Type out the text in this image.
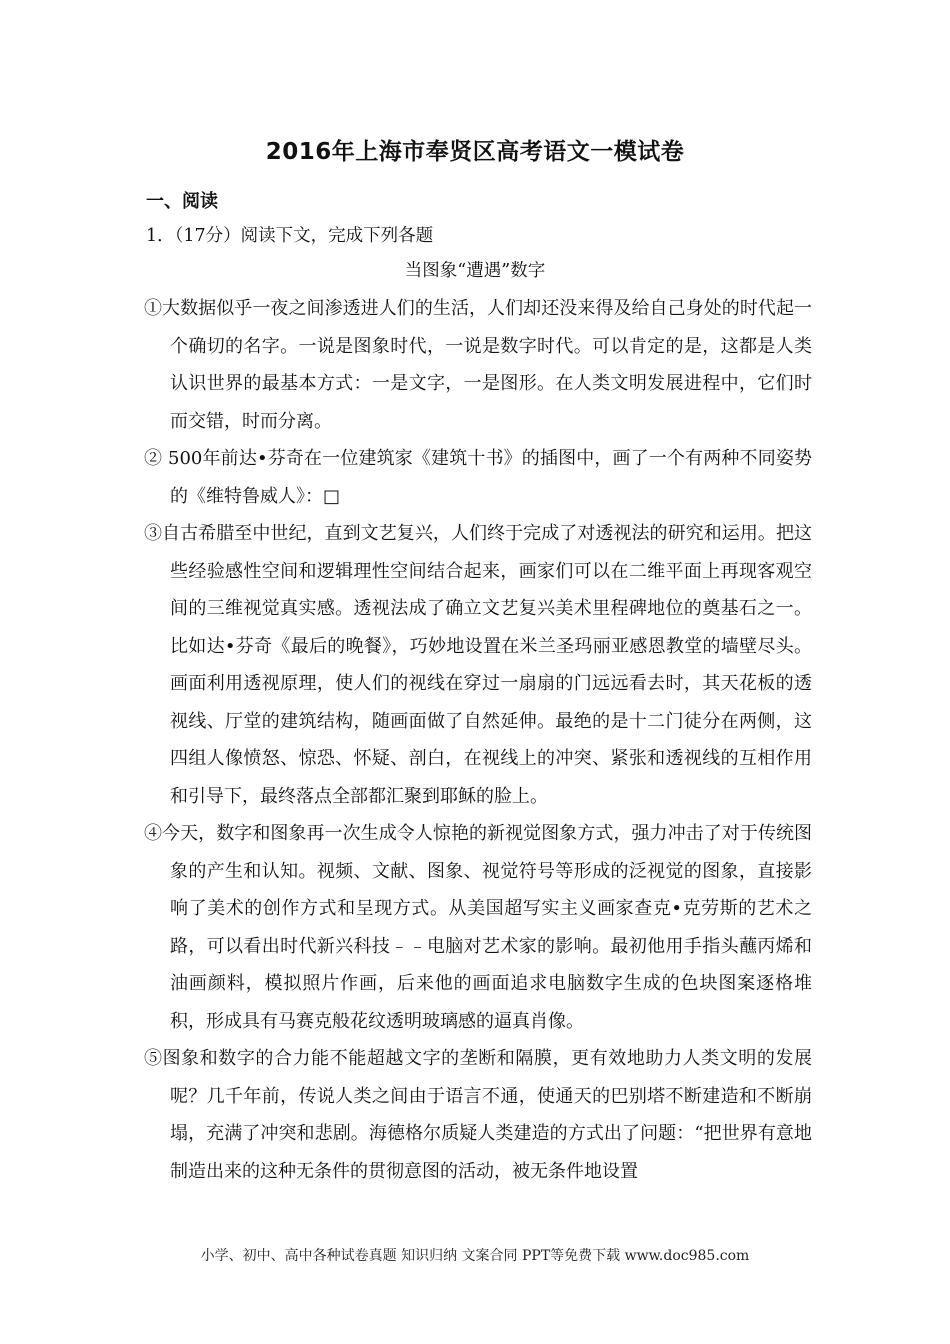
2016年上海市奉贤区高考语文一模试卷
一、阅读
1．（17分）阅读下文，完成下列各题
当图象“遭遇”数字

①大数据似乎一夜之间渗透进人们的生活，人们却还没来得及给自己身处的时代起一个确切的名字。一说是图象时代，一说是数字时代。可以肯定的是，这都是人类认识世界的最基本方式：一是文字，一是图形。在人类文明发展进程中，它们时而交错，时而分离。

② 500年前达•芬奇在一位建筑家《建筑十书》的插图中，画了一个有两种不同姿势的《维特鲁威人》：□

③自古希腊至中世纪，直到文艺复兴，人们终于完成了对透视法的研究和运用。把这些经验感性空间和逻辑理性空间结合起来，画家们可以在二维平面上再现客观空间的三维视觉真实感。透视法成了确立文艺复兴美术里程碑地位的奠基石之一。比如达•芬奇《最后的晚餐》，巧妙地设置在米兰圣玛丽亚感恩教堂的墙壁尽头。画面利用透视原理，使人们的视线在穿过一扇扇的门远远看去时，其天花板的透视线、厅堂的建筑结构，随画面做了自然延伸。最绝的是十二门徒分在两侧，这四组人像愤怒、惊恐、怀疑、剖白，在视线上的冲突、紧张和透视线的互相作用和引导下，最终落点全部都汇聚到耶稣的脸上。

④今天，数字和图象再一次生成令人惊艳的新视觉图象方式，强力冲击了对于传统图象的产生和认知。视频、文献、图象、视觉符号等形成的泛视觉的图象，直接影响了美术的创作方式和呈现方式。从美国超写实主义画家查克•克劳斯的艺术之路，可以看出时代新兴科技﹣﹣电脑对艺术家的影响。最初他用手指头蘸丙烯和油画颜料，模拟照片作画，后来他的画面追求电脑数字生成的色块图案逐格堆积，形成具有马赛克般花纹透明玻璃感的逼真肖像。

⑤图象和数字的合力能不能超越文字的垄断和隔膜，更有效地助力人类文明的发展呢？几千年前，传说人类之间由于语言不通，使通天的巴别塔不断建造和不断崩塌，充满了冲突和悲剧。海德格尔质疑人类建造的方式出了问题：“把世界有意地制造出来的这种无条件的贯彻意图的活动，被无条件地设置

小学、初中、高中各种试卷真题 知识归纳 文案合同 PPT等免费下载 www.doc985.com
